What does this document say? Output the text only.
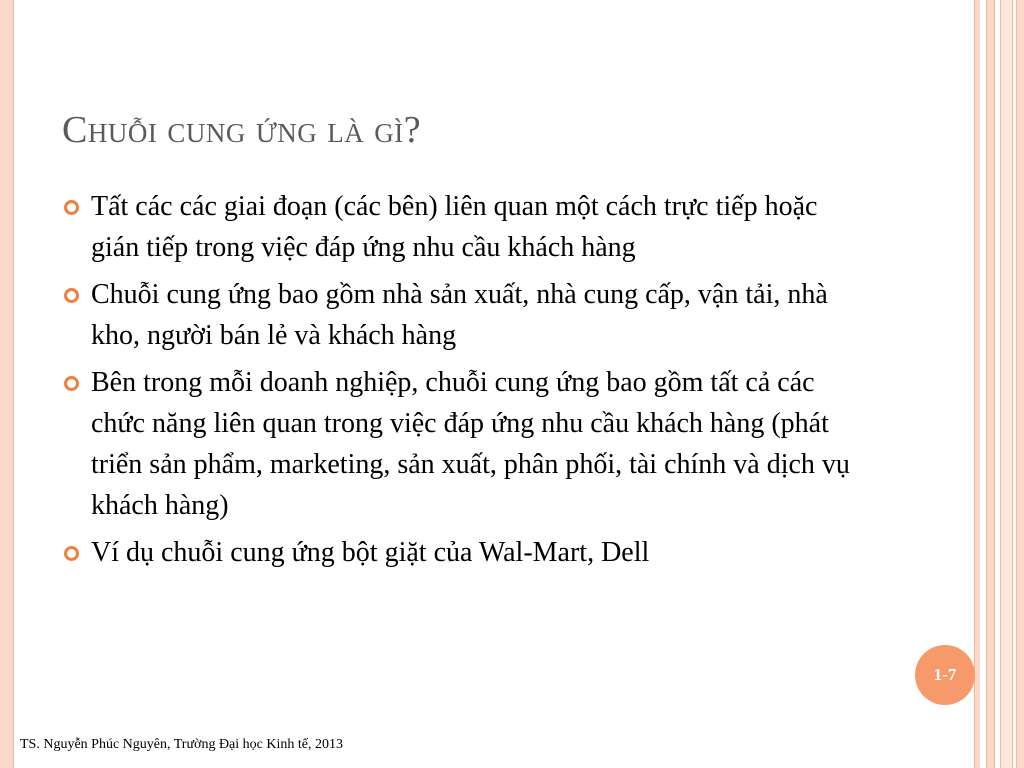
Chuỗi cung ứng là gì?
Tất các các giai đoạn (các bên) liên quan một cách trực tiếp hoặc gián tiếp trong việc đáp ứng nhu cầu khách hàng
Chuỗi cung ứng bao gồm nhà sản xuất, nhà cung cấp, vận tải, nhà kho, người bán lẻ và khách hàng
Bên trong mỗi doanh nghiệp, chuỗi cung ứng bao gồm tất cả các chức năng liên quan trong việc đáp ứng nhu cầu khách hàng (phát triển sản phẩm, marketing, sản xuất, phân phối, tài chính và dịch vụ khách hàng)
Ví dụ chuỗi cung ứng bột giặt của Wal-Mart, Dell
1-7
TS. Nguyễn Phúc Nguyên, Trường Đại học Kinh tế, 2013
